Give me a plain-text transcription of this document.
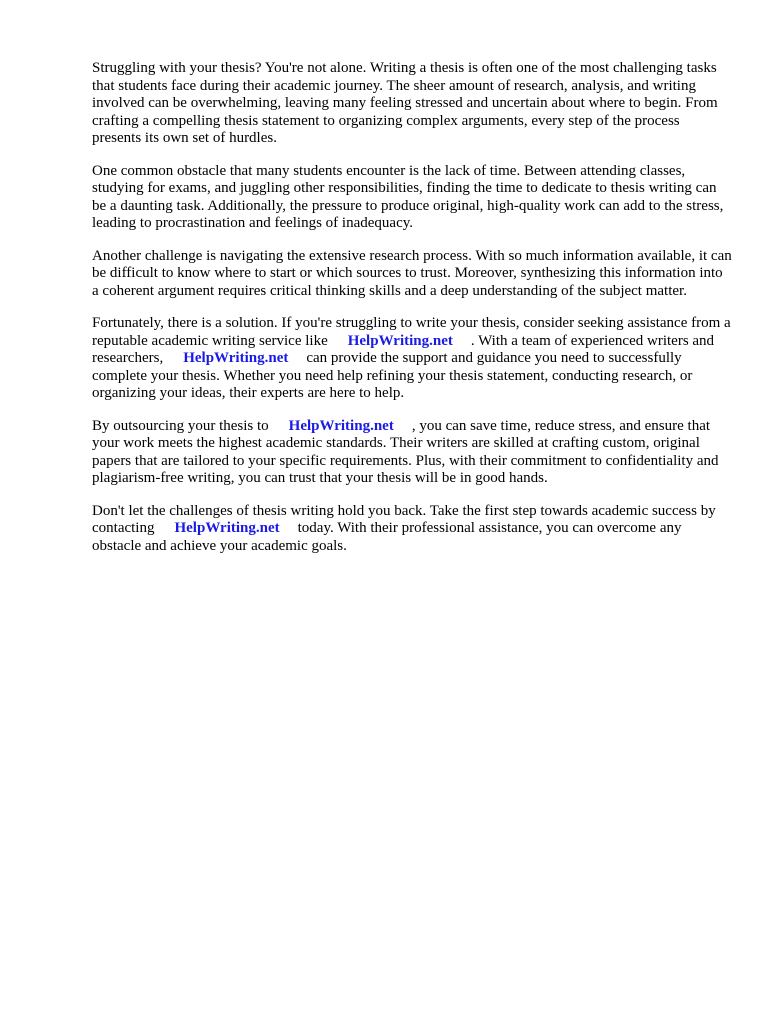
Struggling with your thesis? You're not alone. Writing a thesis is often one of the most challenging tasks that students face during their academic journey. The sheer amount of research, analysis, and writing involved can be overwhelming, leaving many feeling stressed and uncertain about where to begin. From crafting a compelling thesis statement to organizing complex arguments, every step of the process presents its own set of hurdles.

One common obstacle that many students encounter is the lack of time. Between attending classes, studying for exams, and juggling other responsibilities, finding the time to dedicate to thesis writing can be a daunting task. Additionally, the pressure to produce original, high-quality work can add to the stress, leading to procrastination and feelings of inadequacy.

Another challenge is navigating the extensive research process. With so much information available, it can be difficult to know where to start or which sources to trust. Moreover, synthesizing this information into a coherent argument requires critical thinking skills and a deep understanding of the subject matter.

Fortunately, there is a solution. If you're struggling to write your thesis, consider seeking assistance from a reputable academic writing service like HelpWriting.net . With a team of experienced writers and researchers, HelpWriting.net can provide the support and guidance you need to successfully complete your thesis. Whether you need help refining your thesis statement, conducting research, or organizing your ideas, their experts are here to help.

By outsourcing your thesis to HelpWriting.net , you can save time, reduce stress, and ensure that your work meets the highest academic standards. Their writers are skilled at crafting custom, original papers that are tailored to your specific requirements. Plus, with their commitment to confidentiality and plagiarism-free writing, you can trust that your thesis will be in good hands.

Don't let the challenges of thesis writing hold you back. Take the first step towards academic success by contacting HelpWriting.net today. With their professional assistance, you can overcome any obstacle and achieve your academic goals.
